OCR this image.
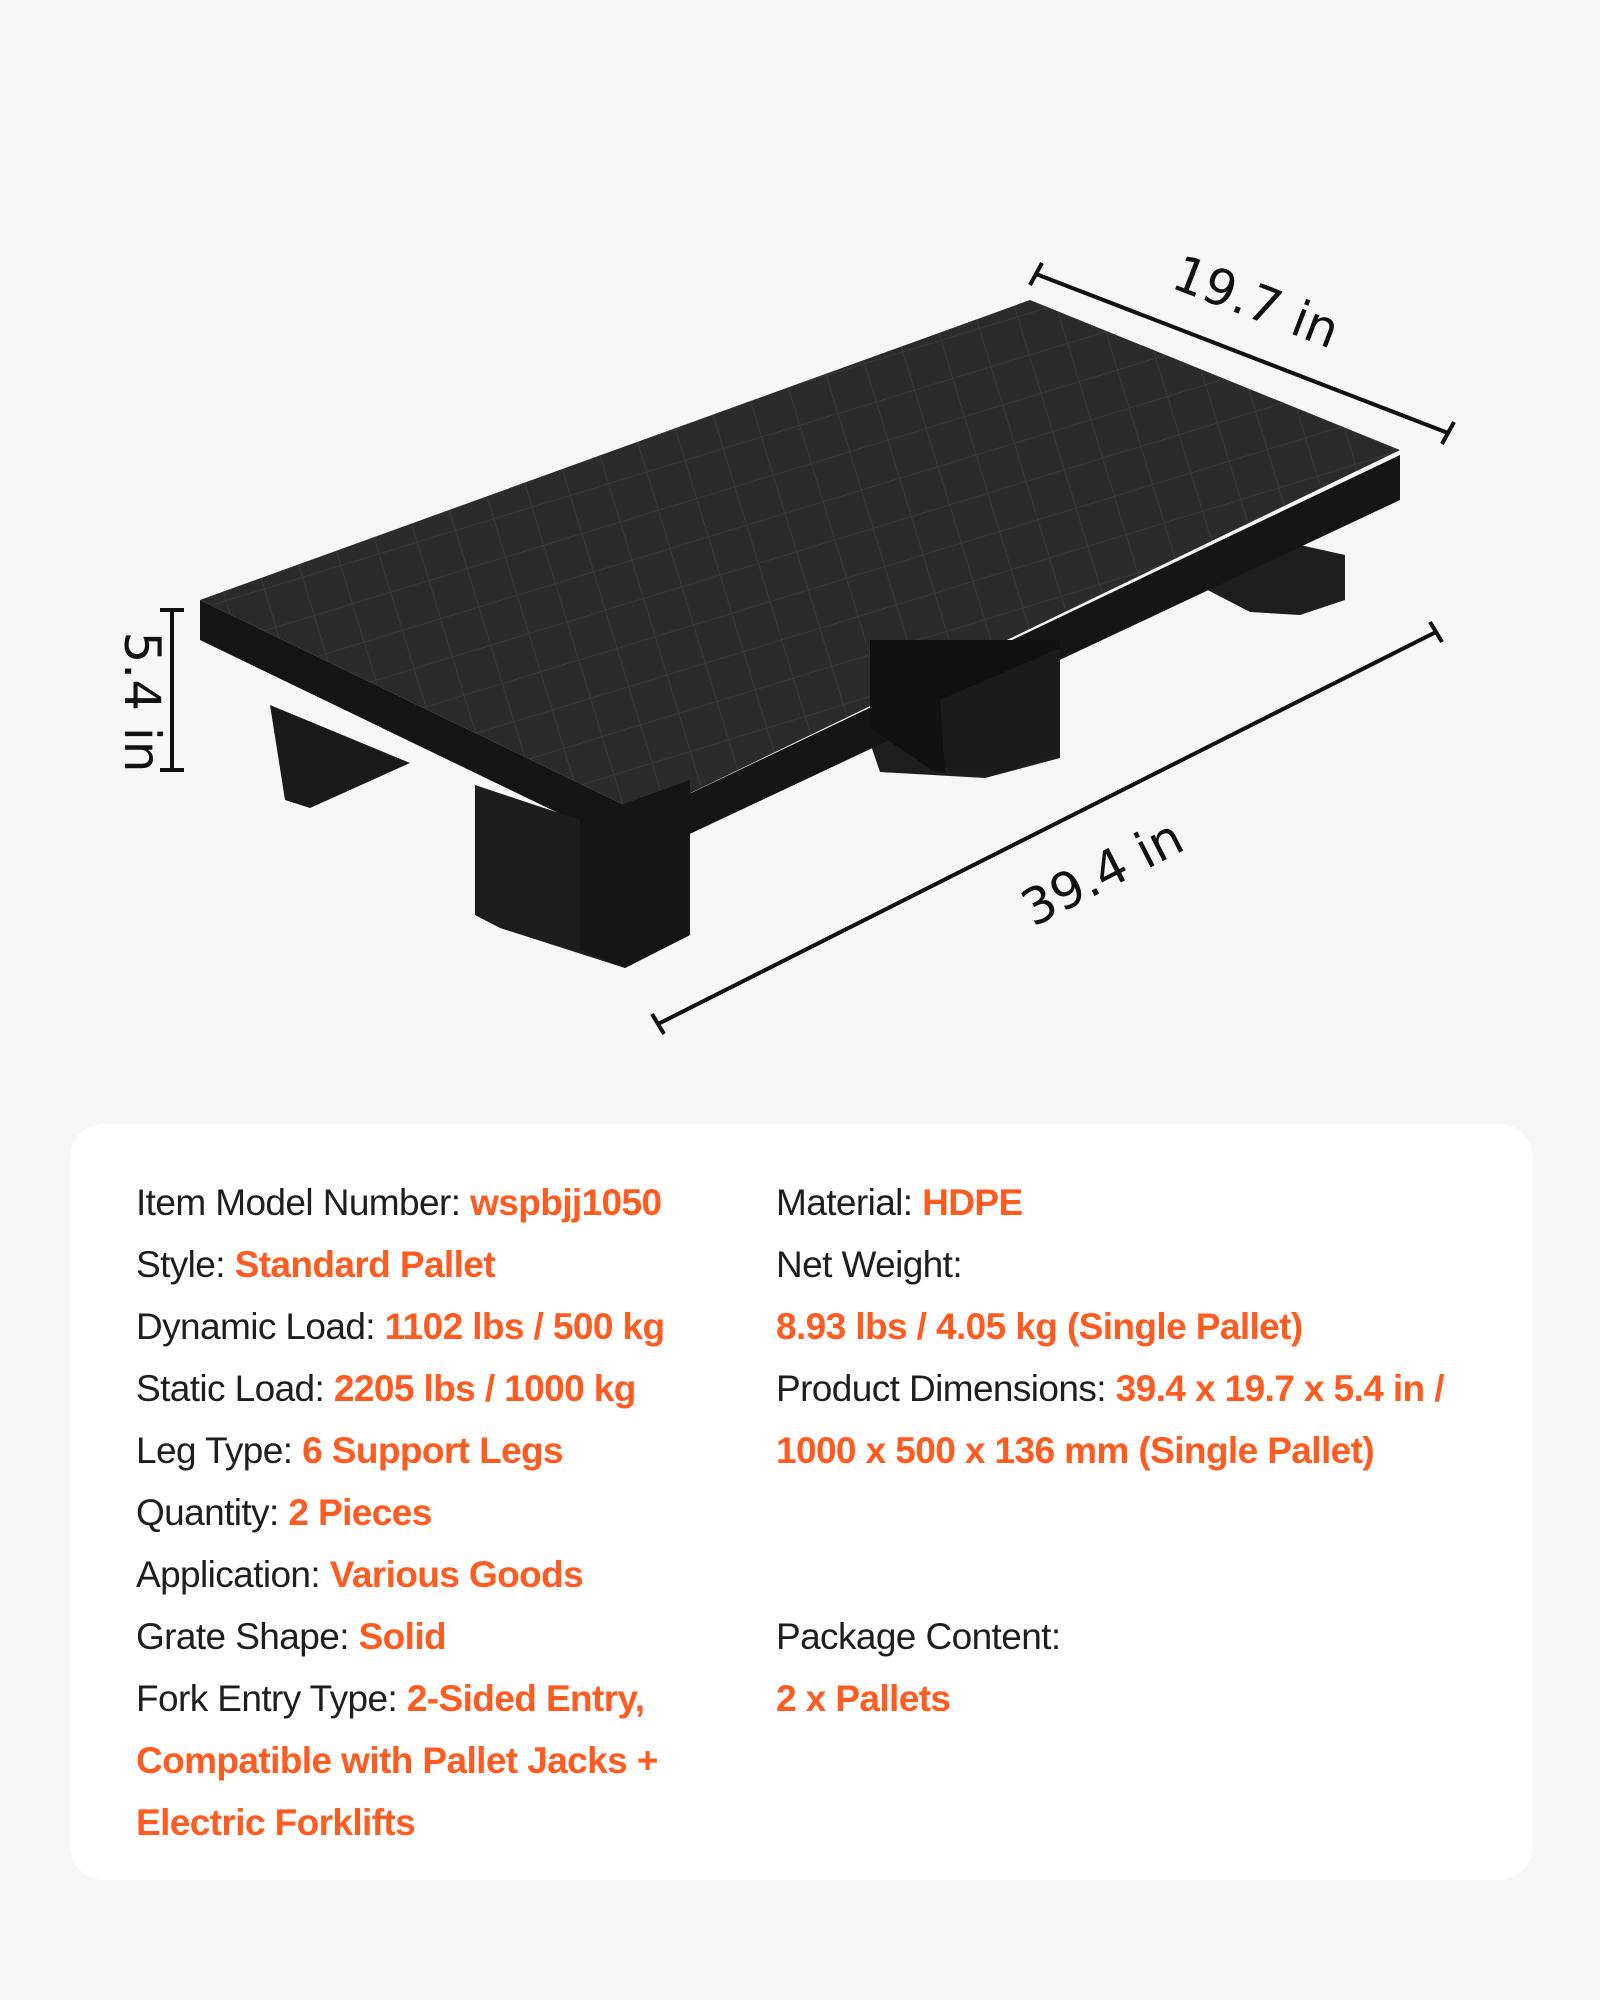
19.7 in
39.4 in
5.4 in
Item Model Number: wspbjj1050
Style: Standard Pallet
Dynamic Load: 1102 lbs / 500 kg
Static Load: 2205 lbs / 1000 kg
Leg Type: 6 Support Legs
Quantity: 2 Pieces
Application: Various Goods
Grate Shape: Solid
Fork Entry Type: 2-Sided Entry,
Compatible with Pallet Jacks +
Electric Forklifts
Material: HDPE
Net Weight:
8.93 lbs / 4.05 kg (Single Pallet)
Product Dimensions: 39.4 x 19.7 x 5.4 in /
1000 x 500 x 136 mm (Single Pallet)
Package Content:
2 x Pallets
